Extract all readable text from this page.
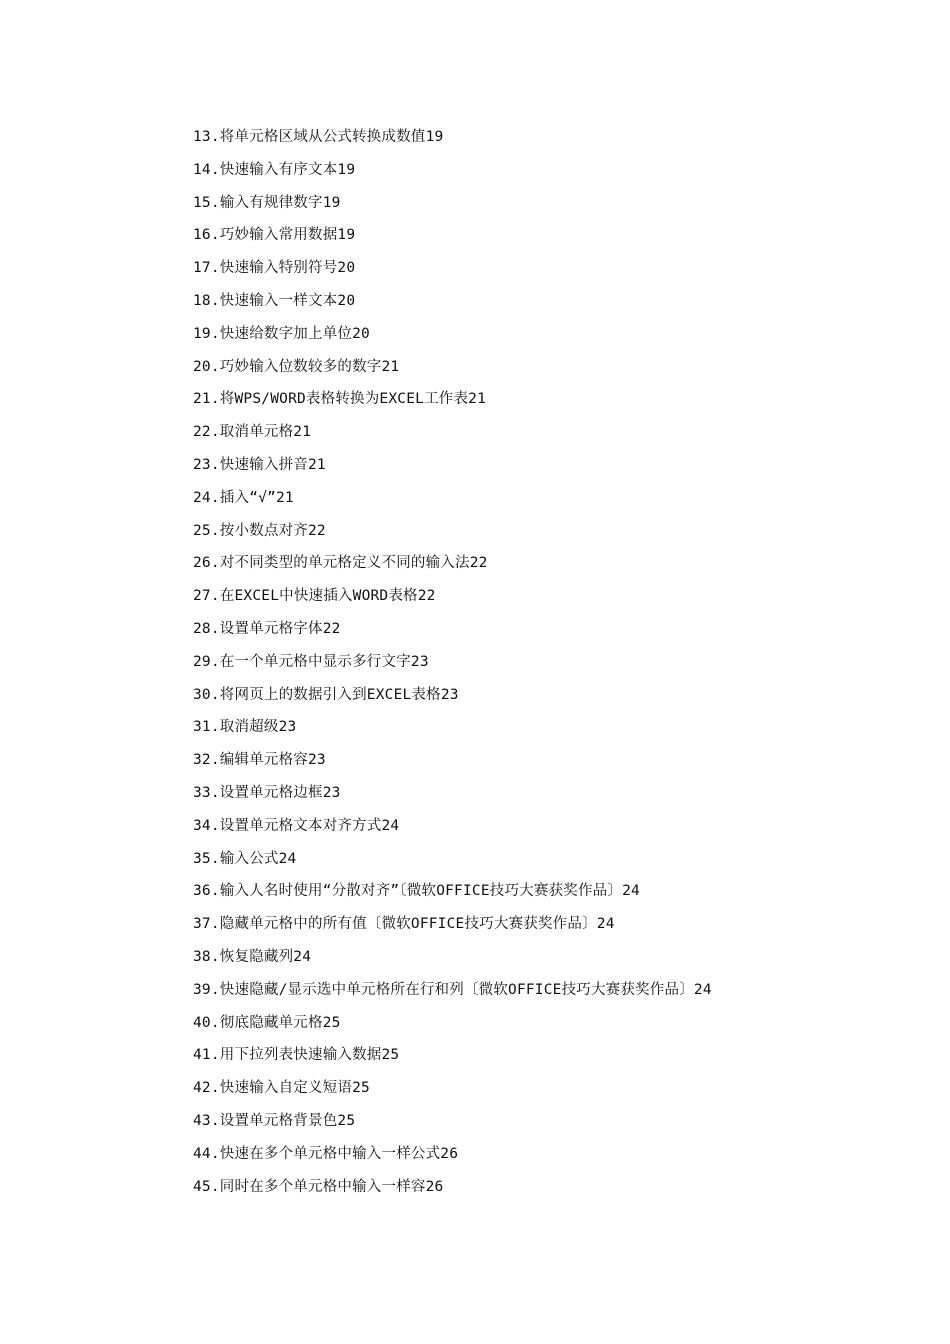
13.将单元格区域从公式转换成数值19
14.快速输入有序文本19
15.输入有规律数字19
16.巧妙输入常用数据19
17.快速输入特别符号20
18.快速输入一样文本20
19.快速给数字加上单位20
20.巧妙输入位数较多的数字21
21.将WPS/WORD表格转换为EXCEL工作表21
22.取消单元格21
23.快速输入拼音21
24.插入“√”21
25.按小数点对齐22
26.对不同类型的单元格定义不同的输入法22
27.在EXCEL中快速插入WORD表格22
28.设置单元格字体22
29.在一个单元格中显示多行文字23
30.将网页上的数据引入到EXCEL表格23
31.取消超级23
32.编辑单元格容23
33.设置单元格边框23
34.设置单元格文本对齐方式24
35.输入公式24
36.输入人名时使用“分散对齐”〔微软OFFICE技巧大赛获奖作品〕24
37.隐藏单元格中的所有值〔微软OFFICE技巧大赛获奖作品〕24
38.恢复隐藏列24
39.快速隐藏/显示选中单元格所在行和列〔微软OFFICE技巧大赛获奖作品〕24
40.彻底隐藏单元格25
41.用下拉列表快速输入数据25
42.快速输入自定义短语25
43.设置单元格背景色25
44.快速在多个单元格中输入一样公式26
45.同时在多个单元格中输入一样容26
